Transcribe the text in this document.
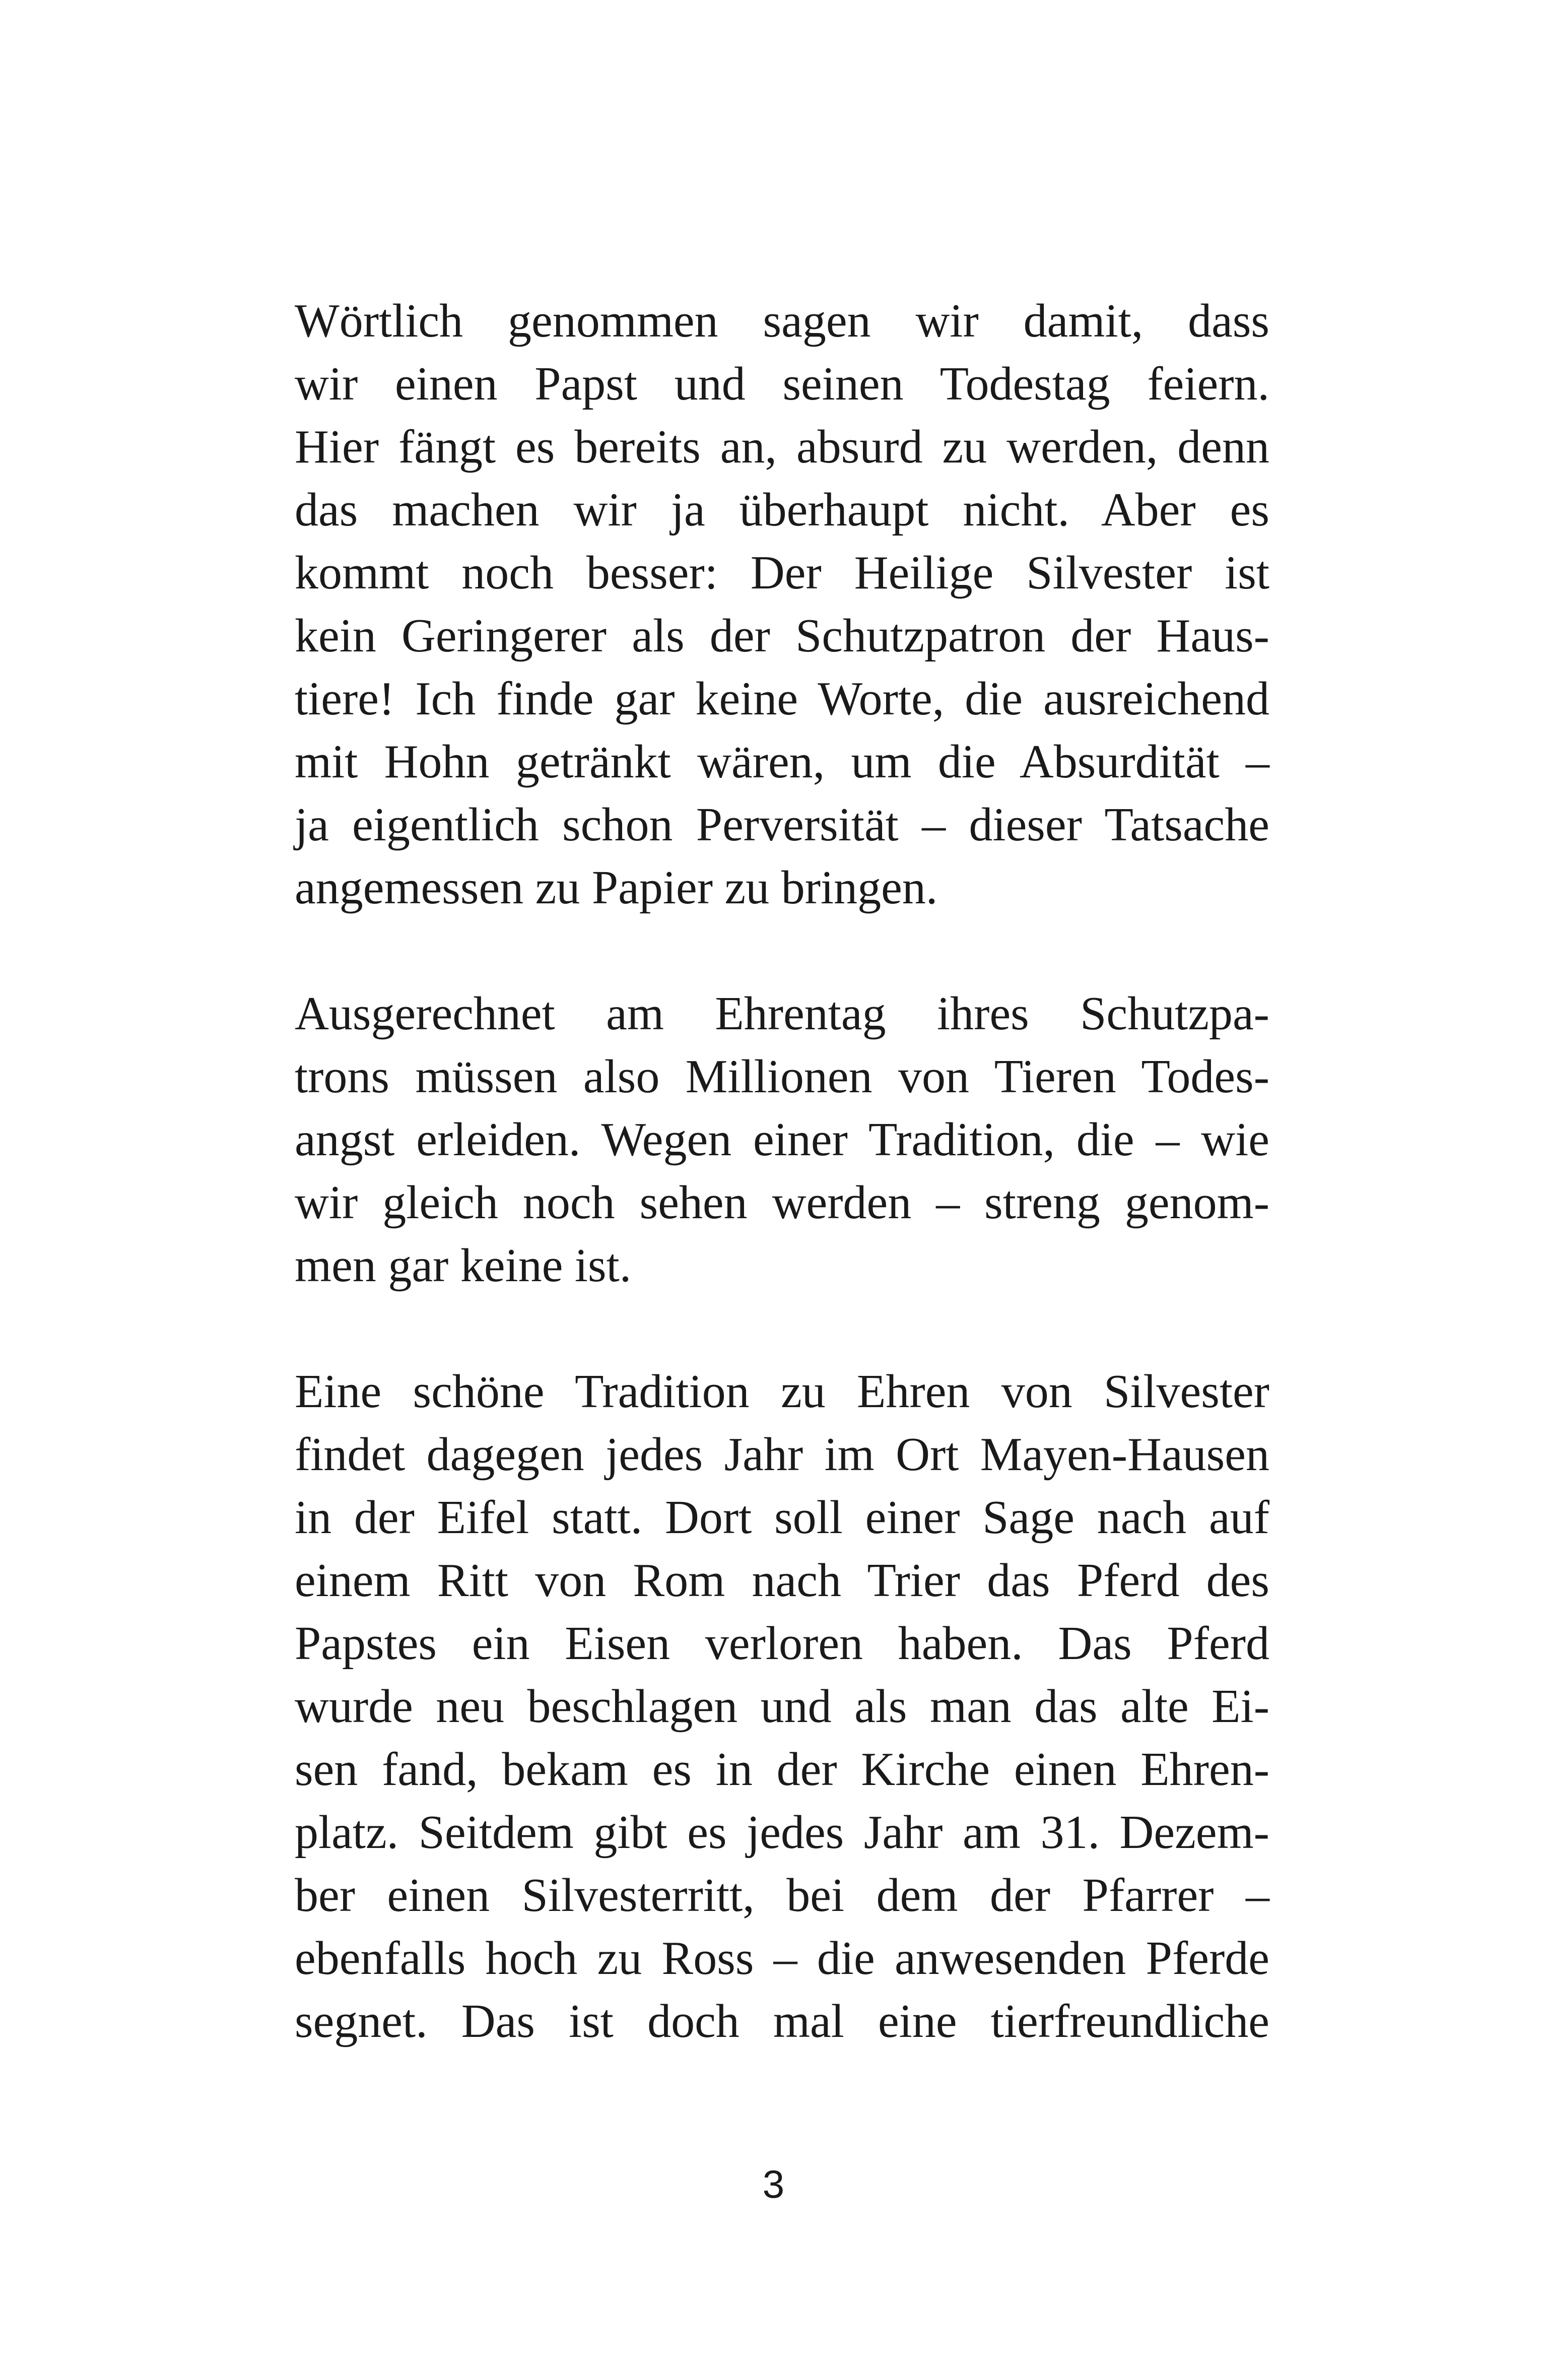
Wörtlich genommen sagen wir damit, dass
wir einen Papst und seinen Todestag feiern.
Hier fängt es bereits an, absurd zu werden, denn
das machen wir ja überhaupt nicht. Aber es
kommt noch besser: Der Heilige Silvester ist
kein Geringerer als der Schutzpatron der Haus-
tiere! Ich finde gar keine Worte, die ausreichend
mit Hohn getränkt wären, um die Absurdität –
ja eigentlich schon Perversität – dieser Tatsache
angemessen zu Papier zu bringen.
Ausgerechnet am Ehrentag ihres Schutzpa-
trons müssen also Millionen von Tieren Todes-
angst erleiden. Wegen einer Tradition, die – wie
wir gleich noch sehen werden – streng genom-
men gar keine ist.
Eine schöne Tradition zu Ehren von Silvester
findet dagegen jedes Jahr im Ort Mayen-Hausen
in der Eifel statt. Dort soll einer Sage nach auf
einem Ritt von Rom nach Trier das Pferd des
Papstes ein Eisen verloren haben. Das Pferd
wurde neu beschlagen und als man das alte Ei-
sen fand, bekam es in der Kirche einen Ehren-
platz. Seitdem gibt es jedes Jahr am 31. Dezem-
ber einen Silvesterritt, bei dem der Pfarrer –
ebenfalls hoch zu Ross – die anwesenden Pferde
segnet. Das ist doch mal eine tierfreundliche
3
